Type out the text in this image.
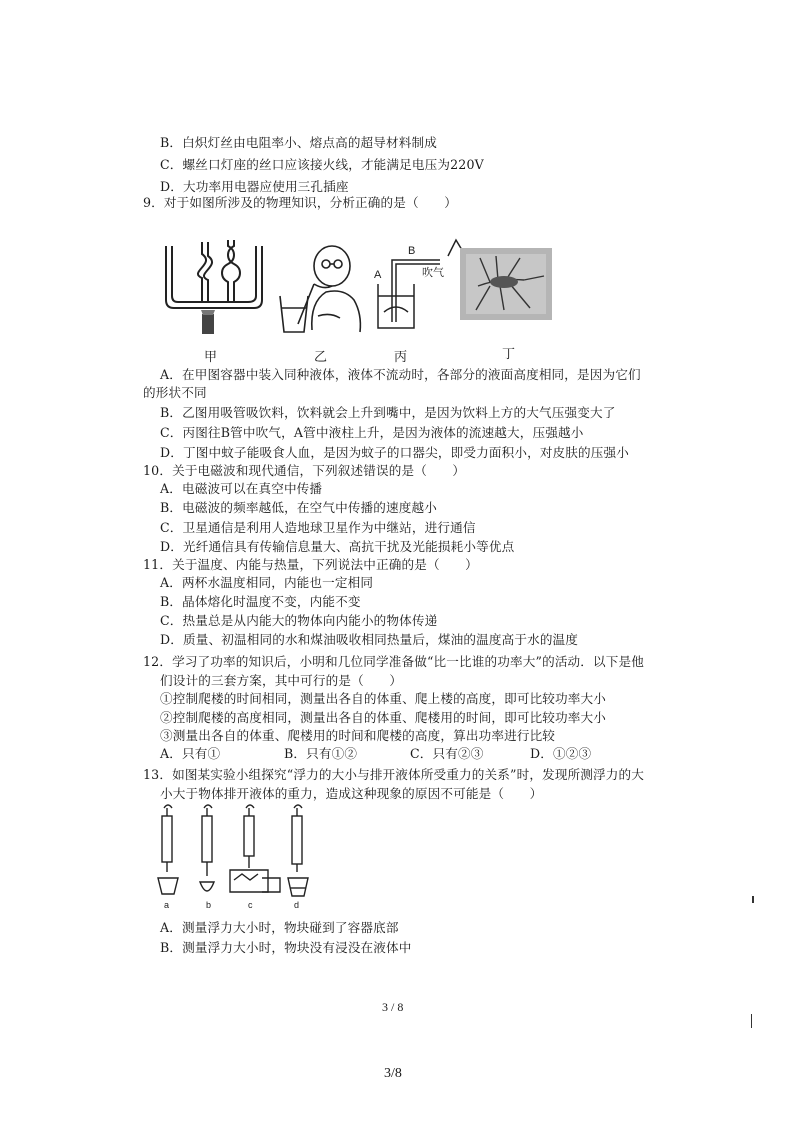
B．白炽灯丝由电阻率小、熔点高的超导材料制成
C．螺丝口灯座的丝口应该接火线，才能满足电压为220V
D．大功率用电器应使用三孔插座
9．对于如图所涉及的物理知识，分析正确的是（　　）
A
B
吹气
甲	乙	丙	丁
A．在甲图容器中装入同种液体，液体不流动时，各部分的液面高度相同，是因为它们
的形状不同
B．乙图用吸管吸饮料，饮料就会上升到嘴中，是因为饮料上方的大气压强变大了
C．丙图往B管中吹气，A管中液柱上升，是因为液体的流速越大，压强越小
D．丁图中蚊子能吸食人血，是因为蚊子的口器尖，即受力面积小，对皮肤的压强小
10．关于电磁波和现代通信，下列叙述错误的是（　　）
A．电磁波可以在真空中传播
B．电磁波的频率越低，在空气中传播的速度越小
C．卫星通信是利用人造地球卫星作为中继站，进行通信
D．光纤通信具有传输信息量大、高抗干扰及光能损耗小等优点
11．关于温度、内能与热量，下列说法中正确的是（　　）
A．两杯水温度相同，内能也一定相同
B．晶体熔化时温度不变，内能不变
C．热量总是从内能大的物体向内能小的物体传递
D．质量、初温相同的水和煤油吸收相同热量后，煤油的温度高于水的温度
12．学习了功率的知识后，小明和几位同学准备做“比一比谁的功率大”的活动．以下是他
们设计的三套方案，其中可行的是（　　）
①控制爬楼的时间相同，测量出各自的体重、爬上楼的高度，即可比较功率大小
②控制爬楼的高度相同，测量出各自的体重、爬楼用的时间，即可比较功率大小
③测量出各自的体重、爬楼用的时间和爬楼的高度，算出功率进行比较
A．只有①	B．只有①②	C．只有②③	D．①②③
13．如图某实验小组探究“浮力的大小与排开液体所受重力的关系”时，发现所测浮力的大
小大于物体排开液体的重力，造成这种现象的原因不可能是（　　）
a	b	c	d
A．测量浮力大小时，物块碰到了容器底部
B．测量浮力大小时，物块没有浸没在液体中
3 / 8
3/8
